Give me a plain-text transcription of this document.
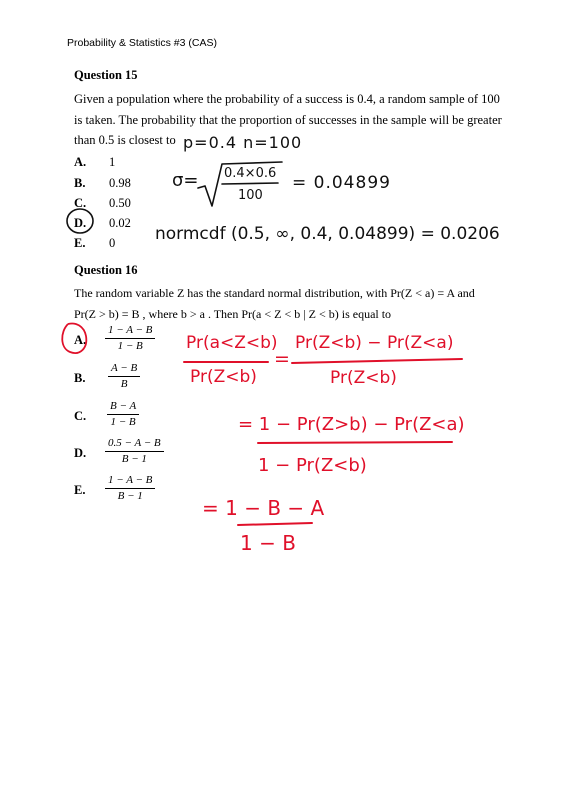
Probability & Statistics #3 (CAS)
Question 15
Given a population where the probability of a success is 0.4, a random sample of 100
is taken. The probability that the proportion of successes in the sample will be greater
than 0.5 is closest to
A. 1
B. 0.98
C. 0.50
D. 0.02
E. 0
Question 16
The random variable Z has the standard normal distribution, with Pr(Z < a) = A and
Pr(Z > b) = B , where b > a . Then Pr(a < Z < b | Z < b) is equal to
A. $\frac{1 - A - B}{1 - B}$
B. $\frac{A - B}{B}$
C. $\frac{B - A}{1 - B}$
D. $\frac{0.5 - A - B}{B - 1}$
E. $\frac{1 - A - B}{B - 1}$
p=0.4 n=100
σ= 0.4×0.6
100
= 0.04899
normcdf (0.5, ∞, 0.4, 0.04899) = 0.0206
Pr(a<Z<b)
Pr(Z<b)
=
Pr(Z<b) − Pr(Z<a)
Pr(Z<b)
= 1 − Pr(Z>b) − Pr(Z<a)
1 − Pr(Z<b)
= 1 − B − A
1 − B
